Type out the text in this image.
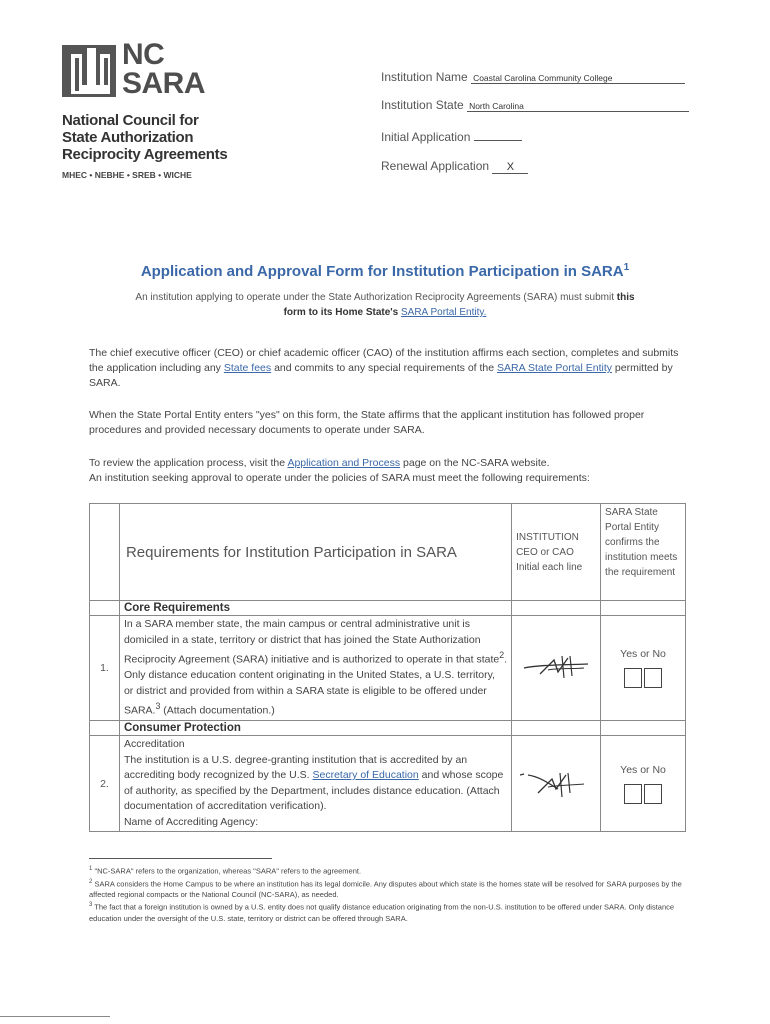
NC
SARA
National Council for
State Authorization
Reciprocity Agreements
MHEC • NEBHE • SREB • WICHE
Institution Name Coastal Carolina Community College
Institution State North Carolina
Initial Application
Renewal Application X
Application and Approval Form for Institution Participation in SARA$^1$
An institution applying to operate under the State Authorization Reciprocity Agreements (SARA) must submit this
form to its Home State's SARA Portal Entity.
The chief executive officer (CEO) or chief academic officer (CAO) of the institution affirms each section, completes and submits the application including any State fees and commits to any special requirements of the SARA State Portal Entity permitted by SARA.
When the State Portal Entity enters "yes" on this form, the State affirms that the applicant institution has followed proper procedures and provided necessary documents to operate under SARA.
To review the application process, visit the Application and Process page on the NC-SARA website.
An institution seeking approval to operate under the policies of SARA must meet the following requirements:
	Requirements for Institution Participation in SARA	INSTITUTION CEO or CAO Initial each line	SARA State Portal Entity confirms the institution meets the requirement
	Core Requirements		
1.	In a SARA member state, the main campus or central administrative unit is domiciled in a state, territory or district that has joined the State Authorization Reciprocity Agreement (SARA) initiative and is authorized to operate in that state$^2$. Only distance education content originating in the United States, a U.S. territory, or district and provided from within a SARA state is eligible to be offered under SARA.$^3$ (Attach documentation.)		Yes or No

	Consumer Protection		
2.	Accreditation
The institution is a U.S. degree-granting institution that is accredited by an accrediting body recognized by the U.S. Secretary of Education and whose scope of authority, as specified by the Department, includes distance education. (Attach documentation of accreditation verification).
Name of Accrediting Agency:		Yes or No
$^1$ "NC-SARA" refers to the organization, whereas "SARA" refers to the agreement.
$^2$ SARA considers the Home Campus to be where an institution has its legal domicile. Any disputes about which state is the homes state will be resolved for SARA purposes by the affected regional compacts or the National Council (NC-SARA), as needed.
$^3$ The fact that a foreign institution is owned by a U.S. entity does not qualify distance education originating from the non-U.S. institution to be offered under SARA. Only distance education under the oversight of the U.S. state, territory or district can be offered through SARA.
